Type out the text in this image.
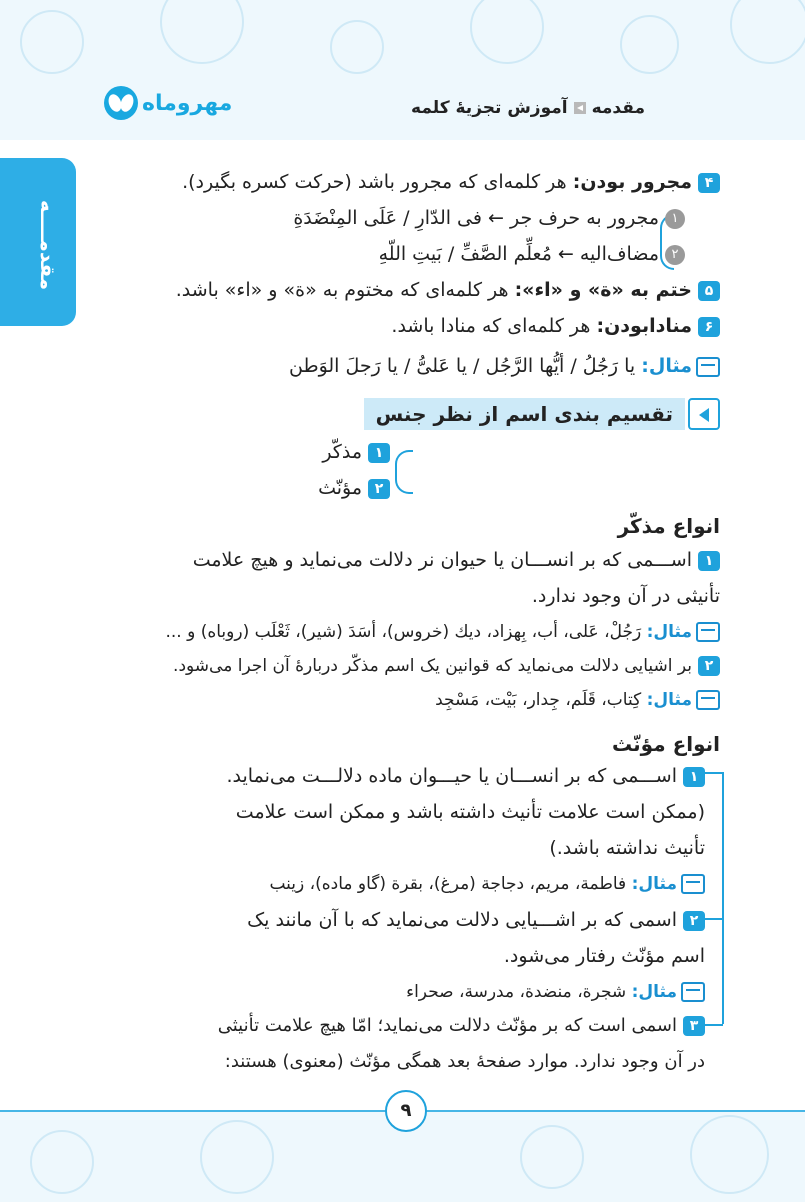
مقدمه
آموزش تجزیهٔ کلمه
مهروماه
مقدمــــه
۴مجرور بودن: هر کلمه‌ای که مجرور باشد (حرکت کسره بگیرد).
۱مجرور به حرف جر ← فی الدّارِ / عَلَی المِنْضَدَةِ
۲مضاف‌الیه ← مُعلِّم الصَّفِّ / بَیتِ اللّهِ
۵ختم به «ة» و «اء»: هر کلمه‌ای که مختوم به «ة» و «اء» باشد.
۶منادابودن: هر کلمه‌ای که منادا باشد.
مثال: یا رَجُلُ / أيُّها الرَّجُل / یا عَلیُّ / یا رَجلَ الوَطن
تقسیم بندی اسم از نظر جنس
۱مذکّر
۲مؤنّث
انواع مذکّر
۱اســـمی که بر انســـان یا حیوان نر دلالت می‌نماید و هیچ علامت
تأنیثی در آن وجود ندارد.
مثال: رَجُلْ، عَلی، أب، بِهزاد، دیك (خروس)، أسَدَ (شیر)، ثَعْلَب (روباه) و ...
۲بر اشیایی دلالت می‌نماید که قوانین یک اسم مذکّر دربارهٔ آن اجرا می‌شود.
مثال: کِتاب، قَلَم، جِدار، بَیْت، مَسْجِد
انواع مؤنّث
۱اســـمی که بر انســـان یا حیـــوان ماده دلالـــت می‌نماید.
(ممکن است علامت تأنیث داشته باشد و ممکن است علامت
تأنیث نداشته باشد.)
مثال: فاطمة، مریم، دجاجة (مرغ)، بقرة (گاو ماده)، زینب
۲اسمی که بر اشـــیایی دلالت می‌نماید که با آن مانند یک
اسم مؤنّث رفتار می‌شود.
مثال: شجرة، منضدة، مدرسة، صحراء
۳اسمی است که بر مؤنّث دلالت می‌نماید؛ امّا هیچ علامت تأنیثی
در آن وجود ندارد. موارد صفحهٔ بعد همگی مؤنّث (معنوی) هستند:
۹
